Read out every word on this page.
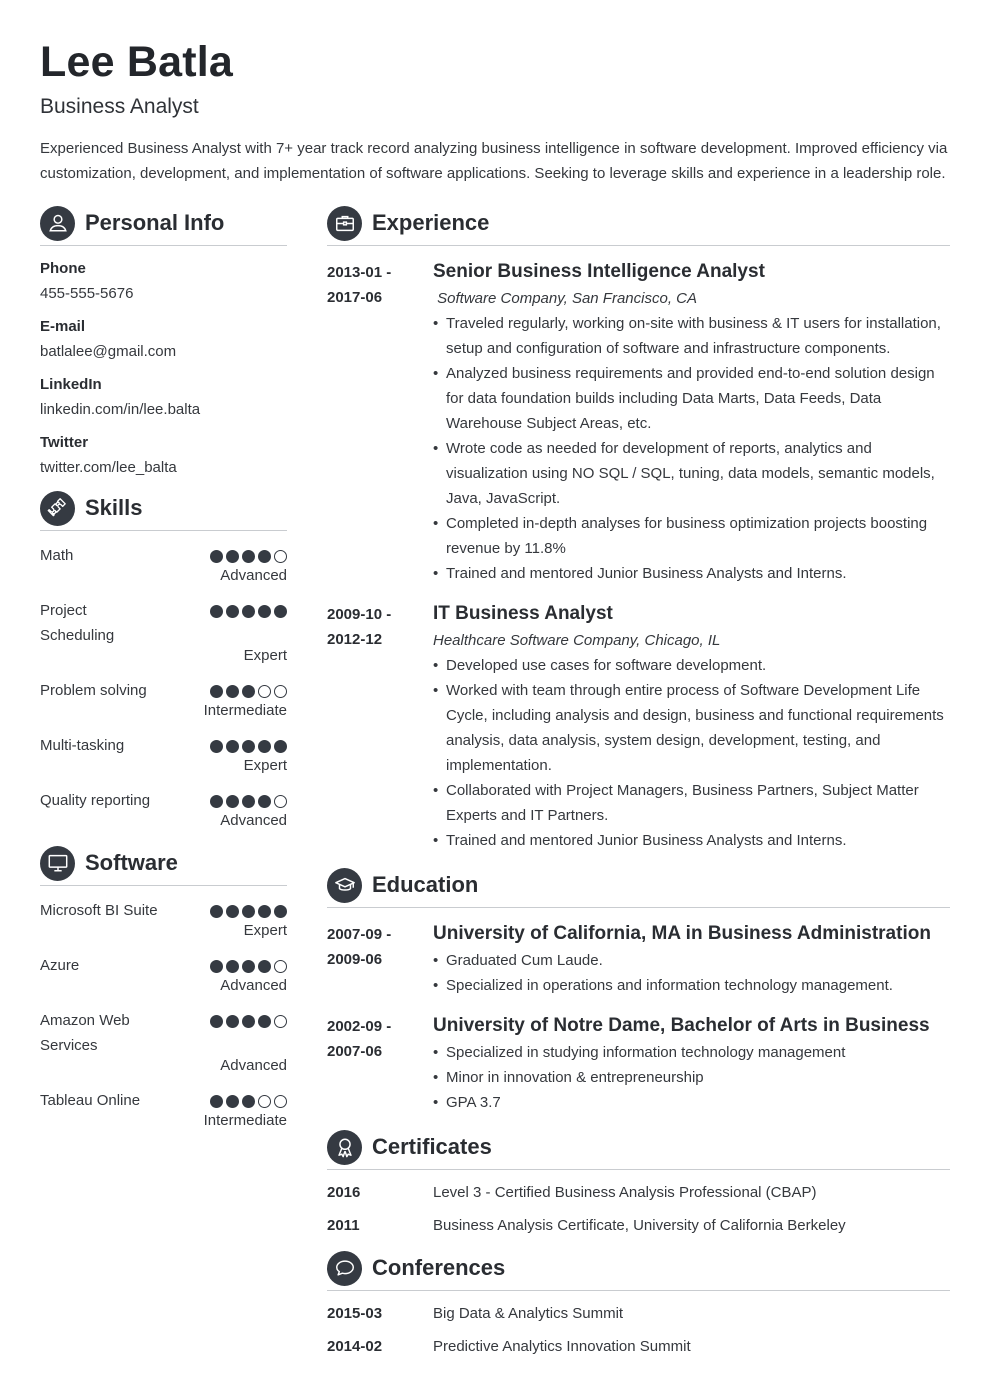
Lee Batla
Business Analyst
Experienced Business Analyst with 7+ year track record analyzing business intelligence in software development. Improved efficiency via customization, development, and implementation of software applications. Seeking to leverage skills and experience in a leadership role.
Personal Info
Phone
455-555-5676
E-mail
batlalee@gmail.com
LinkedIn
linkedin.com/in/lee.balta
Twitter
twitter.com/lee_balta
Skills
Math
Advanced
Project Scheduling
Expert
Problem solving
Intermediate
Multi-tasking
Expert
Quality reporting
Advanced
Software
Microsoft BI Suite
Expert
Azure
Advanced
Amazon Web Services
Advanced
Tableau Online
Intermediate
Experience
2013-01 -
2017-06
Senior Business Intelligence Analyst
Software Company, San Francisco, CA
• Traveled regularly, working on-site with business & IT users for installation, setup and configuration of software and infrastructure components.
• Analyzed business requirements and provided end-to-end solution design for data foundation builds including Data Marts, Data Feeds, Data Warehouse Subject Areas, etc.
• Wrote code as needed for development of reports, analytics and visualization using NO SQL / SQL, tuning, data models, semantic models, Java, JavaScript.
• Completed in-depth analyses for business optimization projects boosting revenue by 11.8%
• Trained and mentored Junior Business Analysts and Interns.
2009-10 -
2012-12
IT Business Analyst
Healthcare Software Company, Chicago, IL
• Developed use cases for software development.
• Worked with team through entire process of Software Development Life Cycle, including analysis and design, business and functional requirements analysis, data analysis, system design, development, testing, and implementation.
• Collaborated with Project Managers, Business Partners, Subject Matter Experts and IT Partners.
• Trained and mentored Junior Business Analysts and Interns.
Education
2007-09 -
2009-06
University of California, MA in Business Administration
• Graduated Cum Laude.
• Specialized in operations and information technology management.
2002-09 -
2007-06
University of Notre Dame, Bachelor of Arts in Business
• Specialized in studying information technology management
• Minor in innovation & entrepreneurship
• GPA 3.7
Certificates
2016	Level 3 - Certified Business Analysis Professional (CBAP)
2011	Business Analysis Certificate, University of California Berkeley
Conferences
2015-03	Big Data & Analytics Summit
2014-02	Predictive Analytics Innovation Summit
